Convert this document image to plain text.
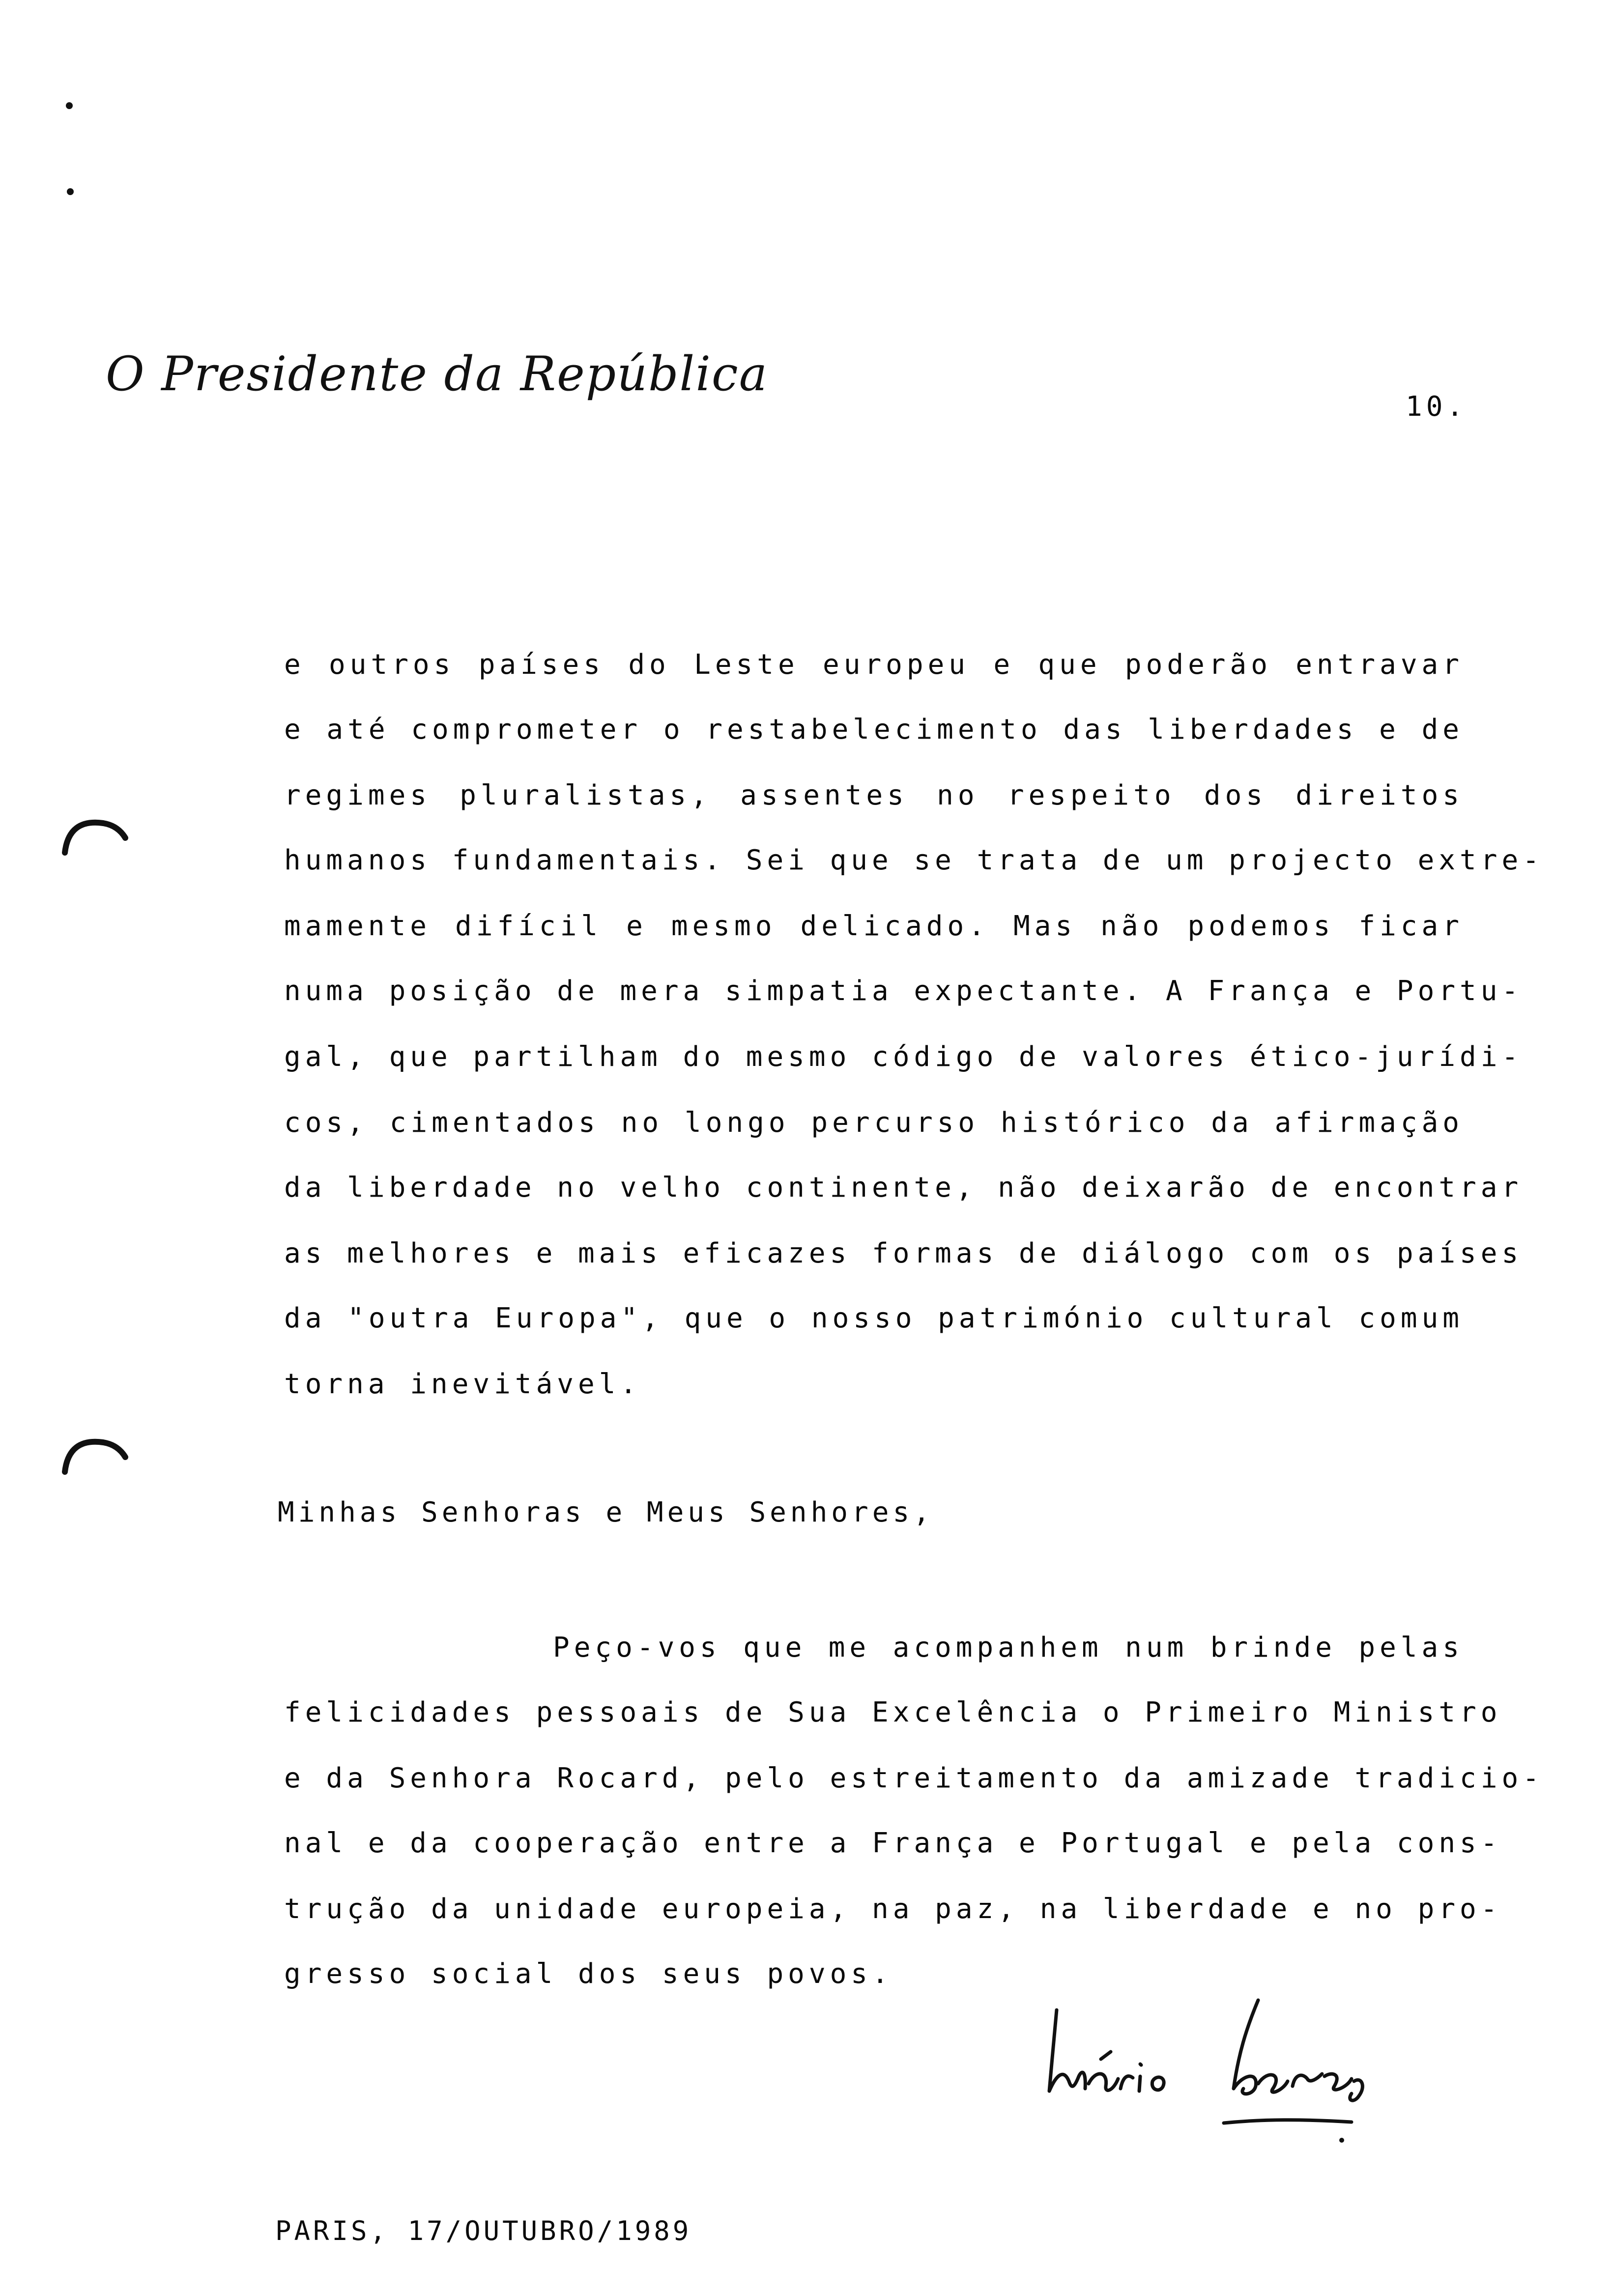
O Presidente da República
10.
e outros países do Leste europeu e que poderão entravar
e até comprometer o restabelecimento das liberdades e de
regimes pluralistas, assentes no respeito dos direitos
humanos fundamentais. Sei que se trata de um projecto extre-
mamente difícil e mesmo delicado. Mas não podemos ficar
numa posição de mera simpatia expectante. A França e Portu-
gal, que partilham do mesmo código de valores ético-jurídi-
cos, cimentados no longo percurso histórico da afirmação
da liberdade no velho continente, não deixarão de encontrar
as melhores e mais eficazes formas de diálogo com os países
da "outra Europa", que o nosso património cultural comum
torna inevitável.
Minhas Senhoras e Meus Senhores,
Peço-vos que me acompanhem num brinde pelas
felicidades pessoais de Sua Excelência o Primeiro Ministro
e da Senhora Rocard, pelo estreitamento da amizade tradicio-
nal e da cooperação entre a França e Portugal e pela cons-
trução da unidade europeia, na paz, na liberdade e no pro-
gresso social dos seus povos.
PARIS, 17/OUTUBRO/1989
